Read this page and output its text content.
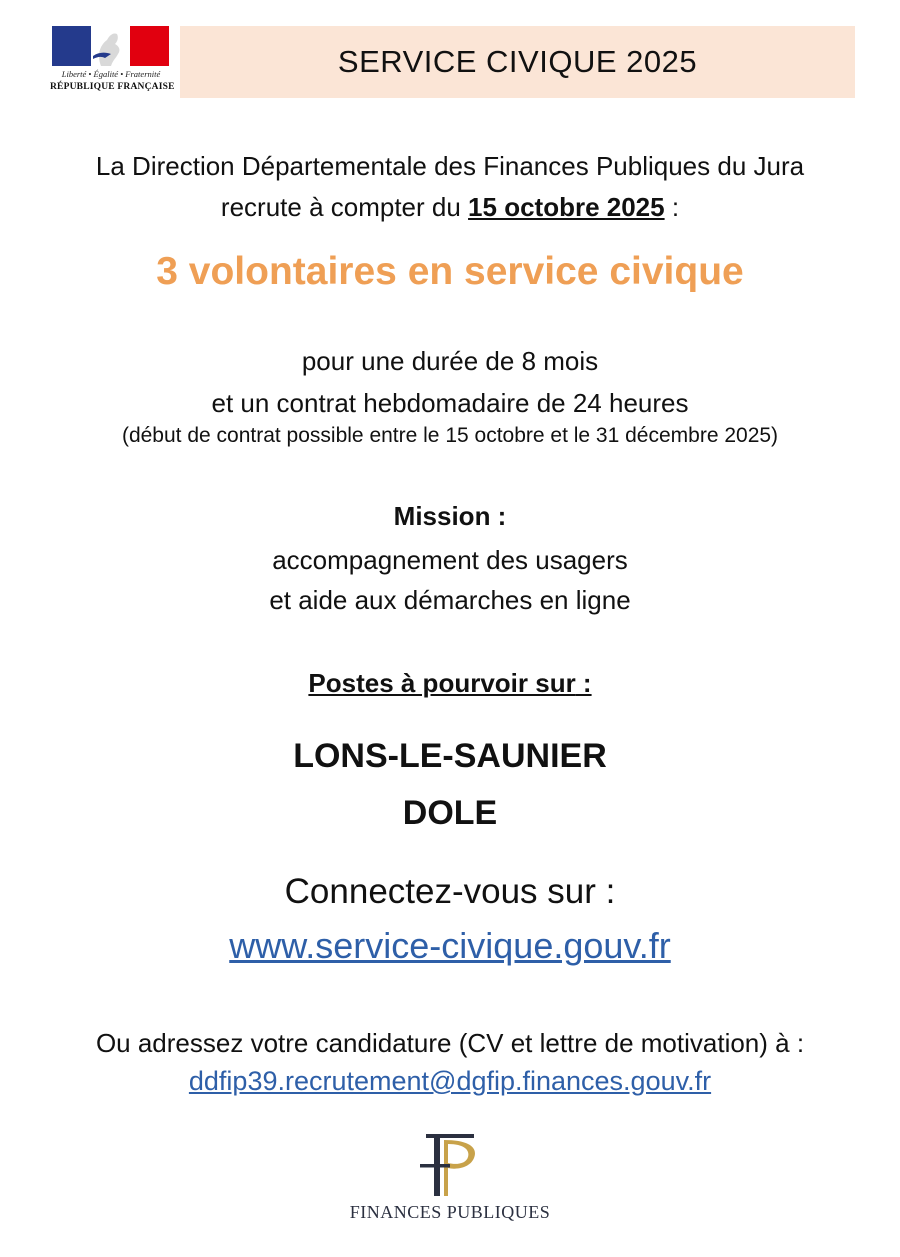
Liberté • Égalité • Fraternité
RÉPUBLIQUE FRANÇAISE
SERVICE CIVIQUE 2025
La Direction Départementale des Finances Publiques du Jura
recrute à compter du 15 octobre 2025 :
3 volontaires en service civique
pour une durée de 8 mois
et un contrat hebdomadaire de 24 heures
(début de contrat possible entre le 15 octobre et le 31 décembre 2025)
Mission :
accompagnement des usagers
et aide aux démarches en ligne
Postes à pourvoir sur :
LONS-LE-SAUNIER
DOLE
Connectez-vous sur :
www.service-civique.gouv.fr
Ou adressez votre candidature (CV et lettre de motivation) à :
ddfip39.recrutement@dgfip.finances.gouv.fr
FINANCES PUBLIQUES
